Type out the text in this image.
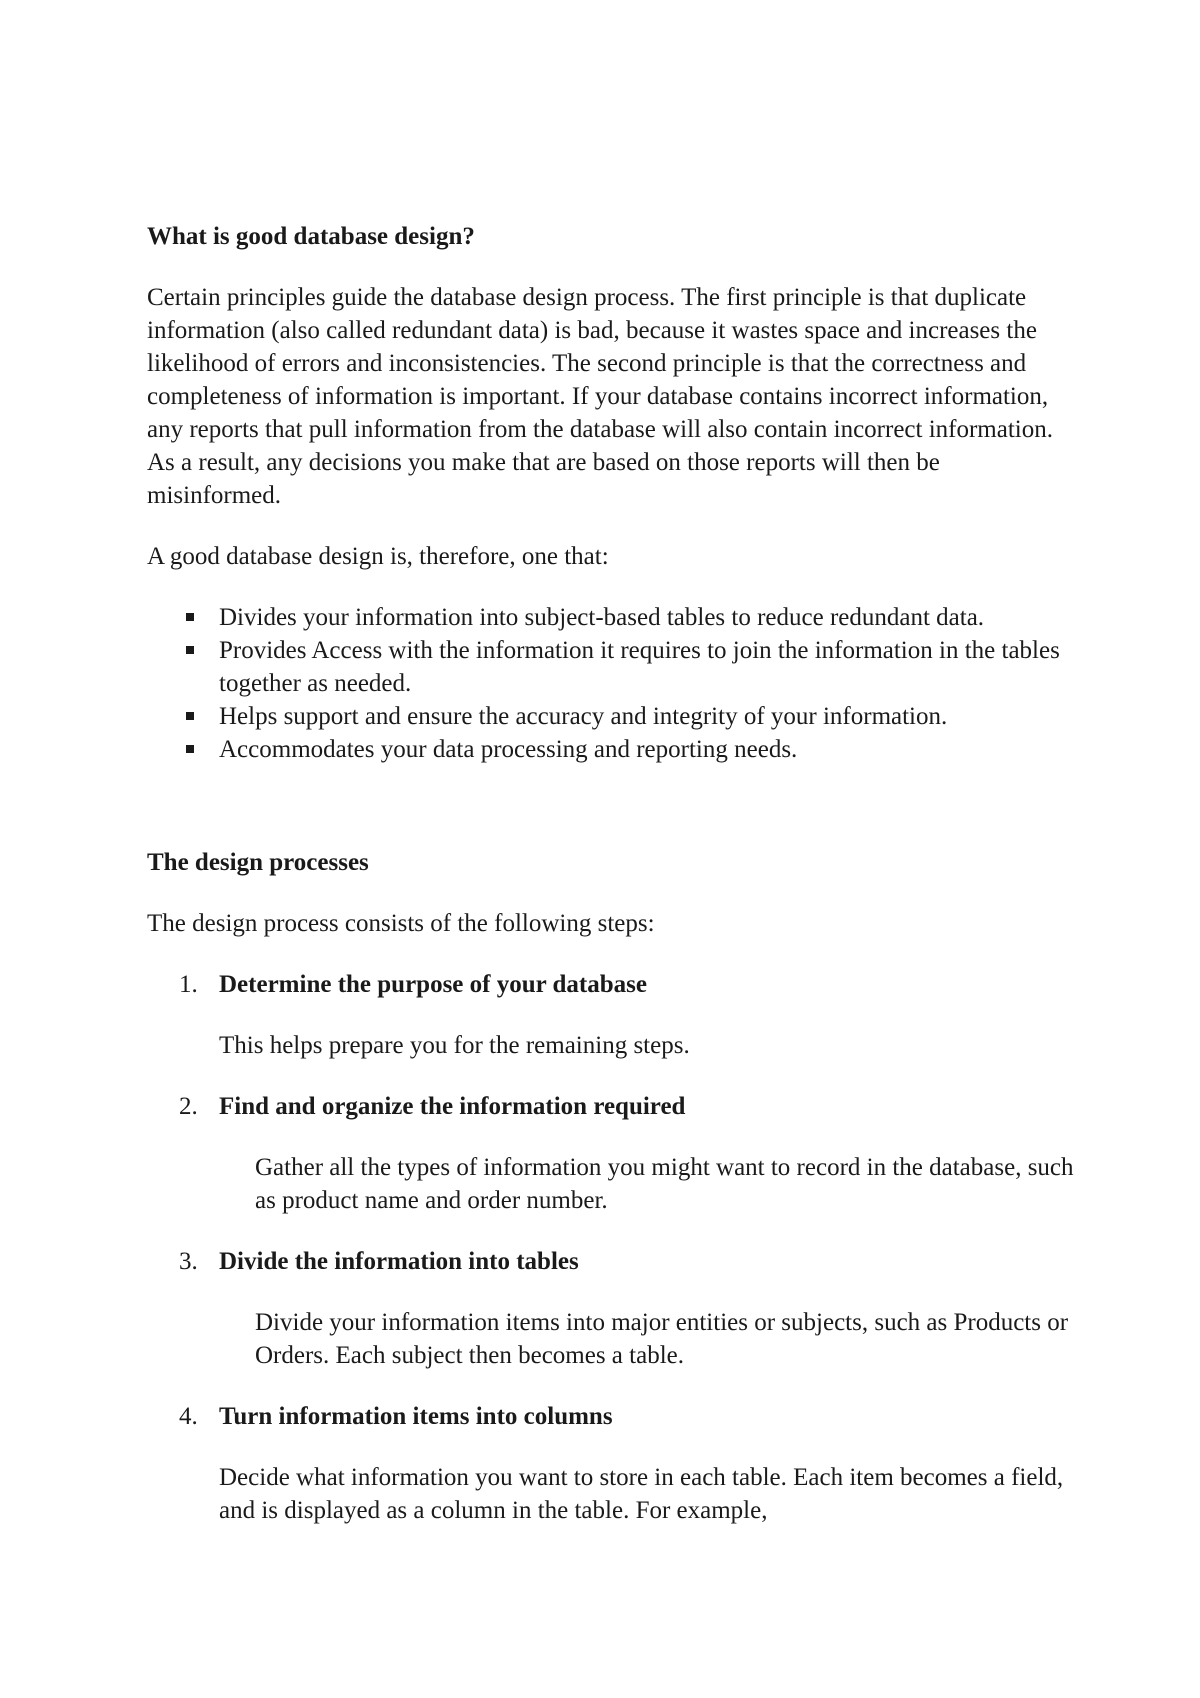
What is good database design?

Certain principles guide the database design process. The first principle is that duplicate information (also called redundant data) is bad, because it wastes space and increases the likelihood of errors and inconsistencies. The second principle is that the correctness and completeness of information is important. If your database contains incorrect information, any reports that pull information from the database will also contain incorrect information. As a result, any decisions you make that are based on those reports will then be misinformed.

A good database design is, therefore, one that:

Divides your information into subject-based tables to reduce redundant data.
Provides Access with the information it requires to join the information in the tables together as needed.
Helps support and ensure the accuracy and integrity of your information.
Accommodates your data processing and reporting needs.

The design processes

The design process consists of the following steps:

1. Determine the purpose of your database

This helps prepare you for the remaining steps.

2. Find and organize the information required

Gather all the types of information you might want to record in the database, such as product name and order number.

3. Divide the information into tables

Divide your information items into major entities or subjects, such as Products or Orders. Each subject then becomes a table.

4. Turn information items into columns

Decide what information you want to store in each table. Each item becomes a field, and is displayed as a column in the table. For example,
